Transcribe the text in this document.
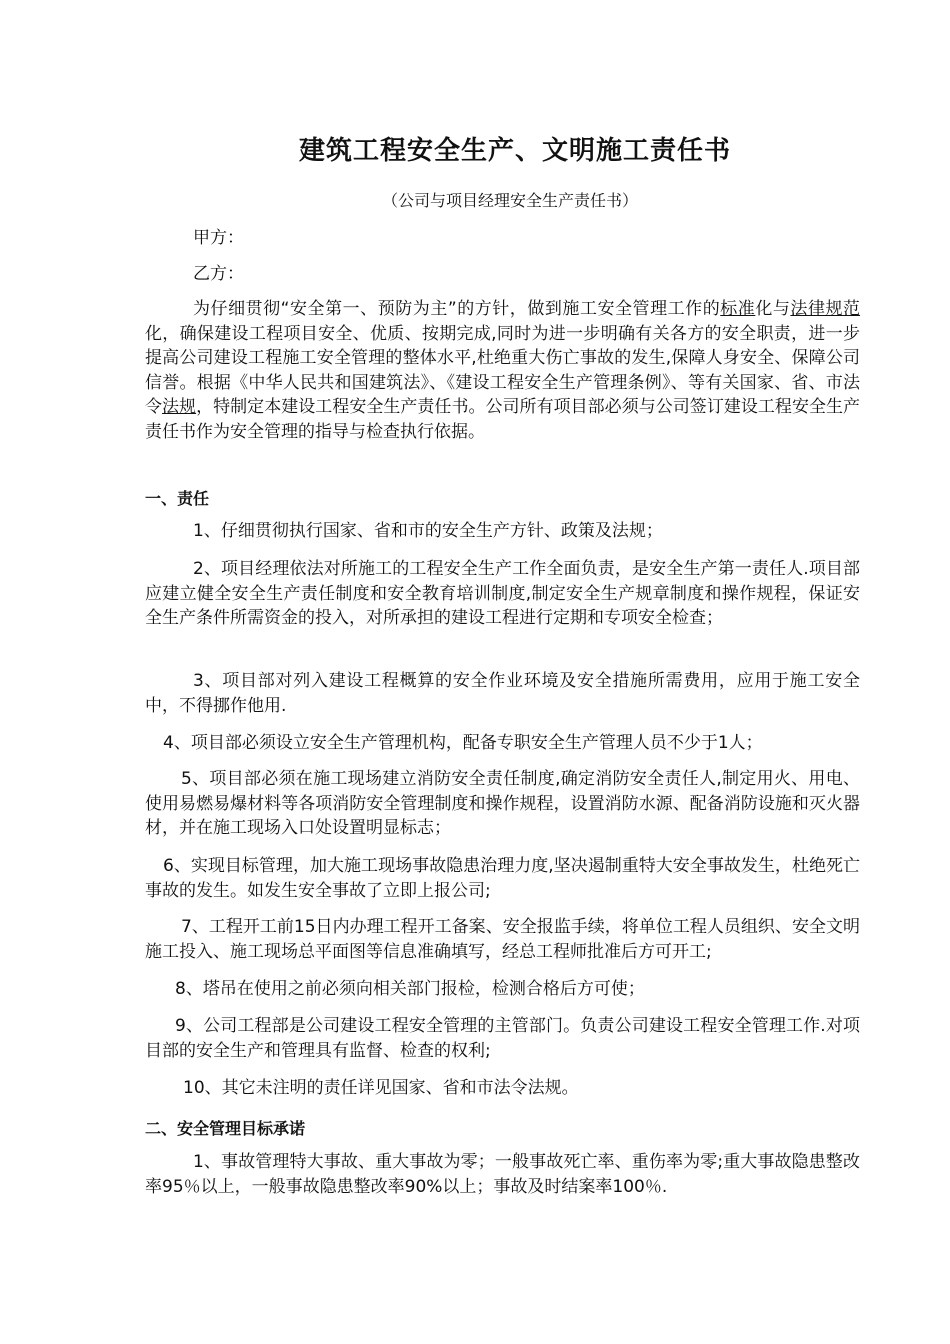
建筑工程安全生产、文明施工责任书
（公司与项目经理安全生产责任书）
甲方：
乙方：
为仔细贯彻“安全第一、预防为主”的方针，做到施工安全管理工作的标准化与法律规范化，确保建设工程项目安全、优质、按期完成,同时为进一步明确有关各方的安全职责，进一步提高公司建设工程施工安全管理的整体水平,杜绝重大伤亡事故的发生,保障人身安全、保障公司信誉。根据《中华人民共和国建筑法》、《建设工程安全生产管理条例》、等有关国家、省、市法令法规，特制定本建设工程安全生产责任书。公司所有项目部必须与公司签订建设工程安全生产责任书作为安全管理的指导与检查执行依据。
一、责任
1、仔细贯彻执行国家、省和市的安全生产方针、政策及法规；
2、项目经理依法对所施工的工程安全生产工作全面负责，是安全生产第一责任人.项目部应建立健全安全生产责任制度和安全教育培训制度,制定安全生产规章制度和操作规程，保证安全生产条件所需资金的投入，对所承担的建设工程进行定期和专项安全检查；
3、项目部对列入建设工程概算的安全作业环境及安全措施所需费用，应用于施工安全中，不得挪作他用.
4、项目部必须设立安全生产管理机构，配备专职安全生产管理人员不少于1人；
5、项目部必须在施工现场建立消防安全责任制度,确定消防安全责任人,制定用火、用电、使用易燃易爆材料等各项消防安全管理制度和操作规程，设置消防水源、配备消防设施和灭火器材，并在施工现场入口处设置明显标志；
6、实现目标管理，加大施工现场事故隐患治理力度,坚决遏制重特大安全事故发生，杜绝死亡事故的发生。如发生安全事故了立即上报公司;
7、工程开工前15日内办理工程开工备案、安全报监手续，将单位工程人员组织、安全文明施工投入、施工现场总平面图等信息准确填写，经总工程师批准后方可开工;
8、塔吊在使用之前必须向相关部门报检，检测合格后方可使；
9、公司工程部是公司建设工程安全管理的主管部门。负责公司建设工程安全管理工作.对项目部的安全生产和管理具有监督、检查的权利;
10、其它未注明的责任详见国家、省和市法令法规。
二、安全管理目标承诺
1、事故管理特大事故、重大事故为零；一般事故死亡率、重伤率为零;重大事故隐患整改率95％以上，一般事故隐患整改率90%以上；事故及时结案率100％.
